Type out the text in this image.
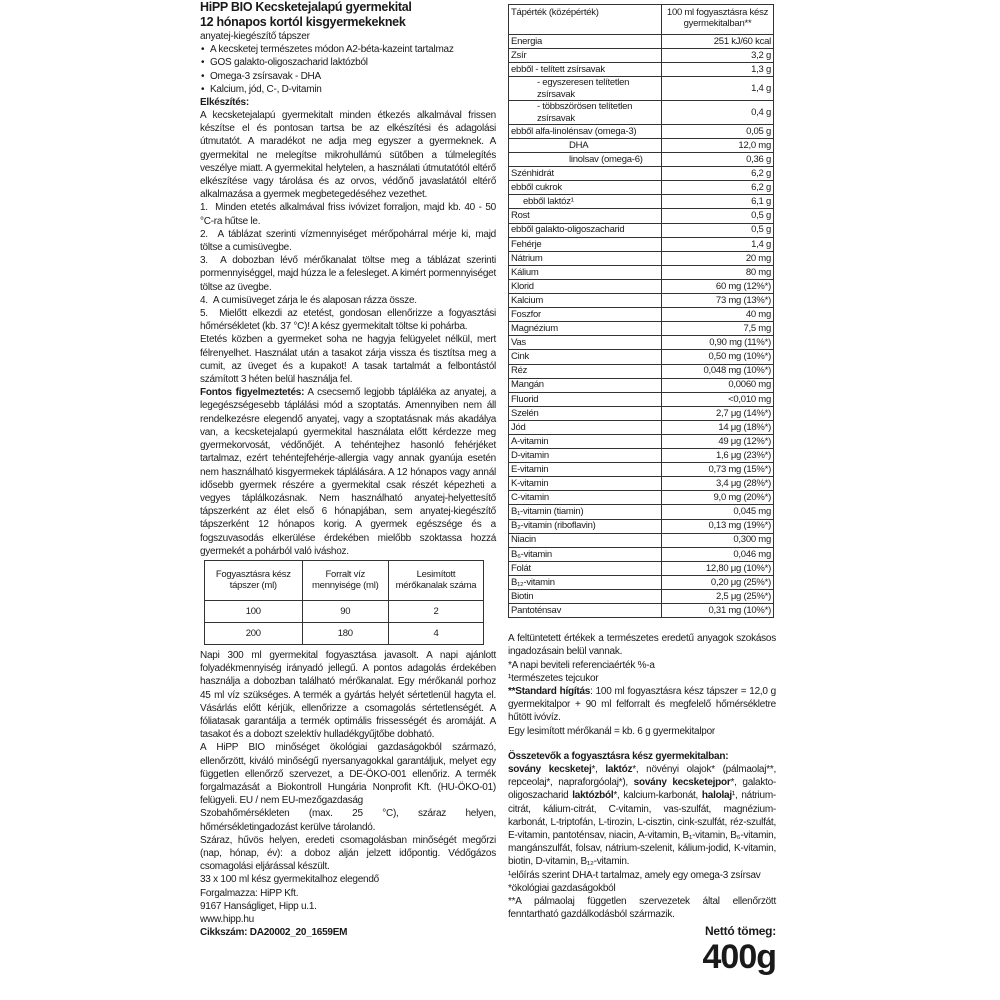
HiPP BIO Kecsketejalapú gyermekital
12 hónapos kortól kisgyermekeknek
anyatej-kiegészítő tápszer
• A kecsketej természetes módon A2-béta-kazeint tartalmaz
• GOS galakto-oligoszacharid laktózból
• Omega-3 zsírsavak - DHA
• Kalcium, jód, C-, D-vitamin
Elkészítés:

A kecsketejalapú gyermekitalt minden étkezés alkalmával frissen készítse el és pontosan tartsa be az elkészítési és adagolási útmutatót. A maradékot ne adja meg egyszer a gyermeknek. A gyermekital ne melegítse mikrohullámú sütőben a túlmelegítés veszélye miatt. A gyermekital helytelen, a használati útmutatótól eltérő elkészítése vagy tárolása és az orvos, védőnő javaslatától eltérő alkalmazása a gyermek megbetegedéséhez vezethet.

1.  Minden etetés alkalmával friss ivóvizet forraljon, majd kb. 40 - 50 °C-ra hűtse le.

2.  A táblázat szerinti vízmennyiséget mérőpohárral mérje ki, majd töltse a cumisüvegbe.

3.  A dobozban lévő mérőkanalat töltse meg a táblázat szerinti pormennyiséggel, majd húzza le a felesleget. A kimért pormennyiséget töltse az üvegbe.

4.  A cumisüveget zárja le és alaposan rázza össze.

5.  Mielőtt elkezdi az etetést, gondosan ellenőrizze a fogyasztási hőmérsékletet (kb. 37 °C)! A kész gyermekitalt töltse ki pohárba.

Etetés közben a gyermeket soha ne hagyja felügyelet nélkül, mert félrenyelhet. Használat után a tasakot zárja vissza és tisztítsa meg a cumit, az üveget és a kupakot! A tasak tartalmát a felbontástól számított 3 héten belül használja fel.

Fontos figyelmeztetés: A csecsemő legjobb tápláléka az anyatej, a legegészségesebb táplálási mód a szoptatás. Amennyiben nem áll rendelkezésre elegendő anyatej, vagy a szoptatásnak más akadálya van, a kecsketejalapú gyermekital használata előtt kérdezze meg gyermekorvosát, védőnőjét. A tehéntejhez hasonló fehérjéket tartalmaz, ezért tehéntejfehérje-allergia vagy annak gyanúja esetén nem használható kisgyermekek táplálására. A 12 hónapos vagy annál idősebb gyermek részére a gyermekital csak részét képezheti a vegyes táplálkozásnak. Nem használható anyatej-helyettesítő tápszerként az élet első 6 hónapjában, sem anyatej-kiegészítő tápszerként 12 hónapos korig. A gyermek egészsége és a fogszuvasodás elkerülése érdekében mielőbb szoktassa hozzá gyermekét a pohárból való iváshoz.

Fogyasztásra kész tápszer (ml)	Forralt víz mennyisége (ml)	Lesimított mérőkanalak száma
100	90	2
200	180	4

Napi 300 ml gyermekital fogyasztása javasolt. A napi ajánlott folyadékmennyiség irányadó jellegű. A pontos adagolás érdekében használja a dobozban található mérőkanalat. Egy mérőkanál porhoz 45 ml víz szükséges. A termék a gyártás helyét sértetlenül hagyta el. Vásárlás előtt kérjük, ellenőrizze a csomagolás sértetlenségét. A fóliatasak garantálja a termék optimális frissességét és aromáját. A tasakot és a dobozt szelektív hulladékgyűjtőbe dobható.

A HiPP BIO minőséget ökológiai gazdaságokból származó, ellenőrzött, kiváló minőségű nyersanyagokkal garantáljuk, melyet egy független ellenőrző szervezet, a DE-ÖKO-001 ellenőriz. A termék forgalmazását a Biokontroll Hungária Nonprofit Kft. (HU-ÖKO-01) felügyeli. EU / nem EU-mezőgazdaság

Szobahőmérsékleten (max. 25 °C), száraz helyen, hőmérsékletingadozást kerülve tárolandó.

Száraz, hűvös helyen, eredeti csomagolásban minőségét megőrzi (nap, hónap, év): a doboz alján jelzett időpontig. Védőgázos csomagolási eljárással készült.

33 x 100 ml kész gyermekitalhoz elegendő

Forgalmazza: HiPP Kft.

9167 Hanságliget, Hipp u.1.

www.hipp.hu

Cikkszám: DA20002_20_1659EM

Tápérték (középérték)	100 ml fogyasztásra kész gyermekitalban**
Energia	251 kJ/60 kcal
Zsír	3,2 g
ebből - telített zsírsavak	1,3 g
- egyszeresen telítetlen zsírsavak	1,4 g
- többszörösen telítetlen zsírsavak	0,4 g
ebből alfa-linolénsav (omega-3)	0,05 g
DHA	12,0 mg
linolsav (omega-6)	0,36 g
Szénhidrát	6,2 g
ebből cukrok	6,2 g
ebből laktóz¹	6,1 g
Rost	0,5 g
ebből galakto-oligoszacharid	0,5 g
Fehérje	1,4 g
Nátrium	20 mg
Kálium	80 mg
Klorid	60 mg (12%*)
Kalcium	73 mg (13%*)
Foszfor	40 mg
Magnézium	7,5 mg
Vas	0,90 mg (11%*)
Cink	0,50 mg (10%*)
Réz	0,048 mg (10%*)
Mangán	0,0060 mg
Fluorid	<0,010 mg
Szelén	2,7 μg (14%*)
Jód	14 μg (18%*)
A-vitamin	49 μg (12%*)
D-vitamin	1,6 μg (23%*)
E-vitamin	0,73 mg (15%*)
K-vitamin	3,4 μg (28%*)
C-vitamin	9,0 mg (20%*)
B₁-vitamin (tiamin)	0,045 mg
B₂-vitamin (riboflavin)	0,13 mg (19%*)
Niacin	0,300 mg
B₆-vitamin	0,046 mg
Folát	12,80 μg (10%*)
B₁₂-vitamin	0,20 μg (25%*)
Biotin	2,5 μg (25%*)
Pantoténsav	0,31 mg (10%*)

A feltüntetett értékek a természetes eredetű anyagok szokásos ingadozásain belül vannak.

*A napi beviteli referenciaérték %-a

¹természetes tejcukor

**Standard hígítás: 100 ml fogyasztásra kész tápszer = 12,0 g gyermekitalpor + 90 ml felforralt és megfelelő hőmérsékletre hűtött ivóvíz.

Egy lesimított mérőkanál = kb. 6 g gyermekitalpor

Összetevők a fogyasztásra kész gyermekitalban:

sovány kecsketej*, laktóz*, növényi olajok* (pálmaolaj**, repceolaj*, napraforgóolaj*), sovány kecsketejpor*, galakto-oligoszacharid laktózból*, kalcium-karbonát, halolaj¹, nátrium-citrát, kálium-citrát, C-vitamin, vas-szulfát, magnézium-karbonát, L-triptofán, L-tirozin, L-cisztin, cink-szulfát, réz-szulfát, E-vitamin, pantoténsav, niacin, A-vitamin, B₁-vitamin, B₆-vitamin, mangánszulfát, folsav, nátrium-szelenit, kálium-jodid, K-vitamin, biotin, D-vitamin, B₁₂-vitamin.

¹előírás szerint DHA-t tartalmaz, amely egy omega-3 zsírsav

*ökológiai gazdaságokból

**A pálmaolaj független szervezetek által ellenőrzött fenntartható gazdálkodásból származik.

Nettó tömeg:
400g
